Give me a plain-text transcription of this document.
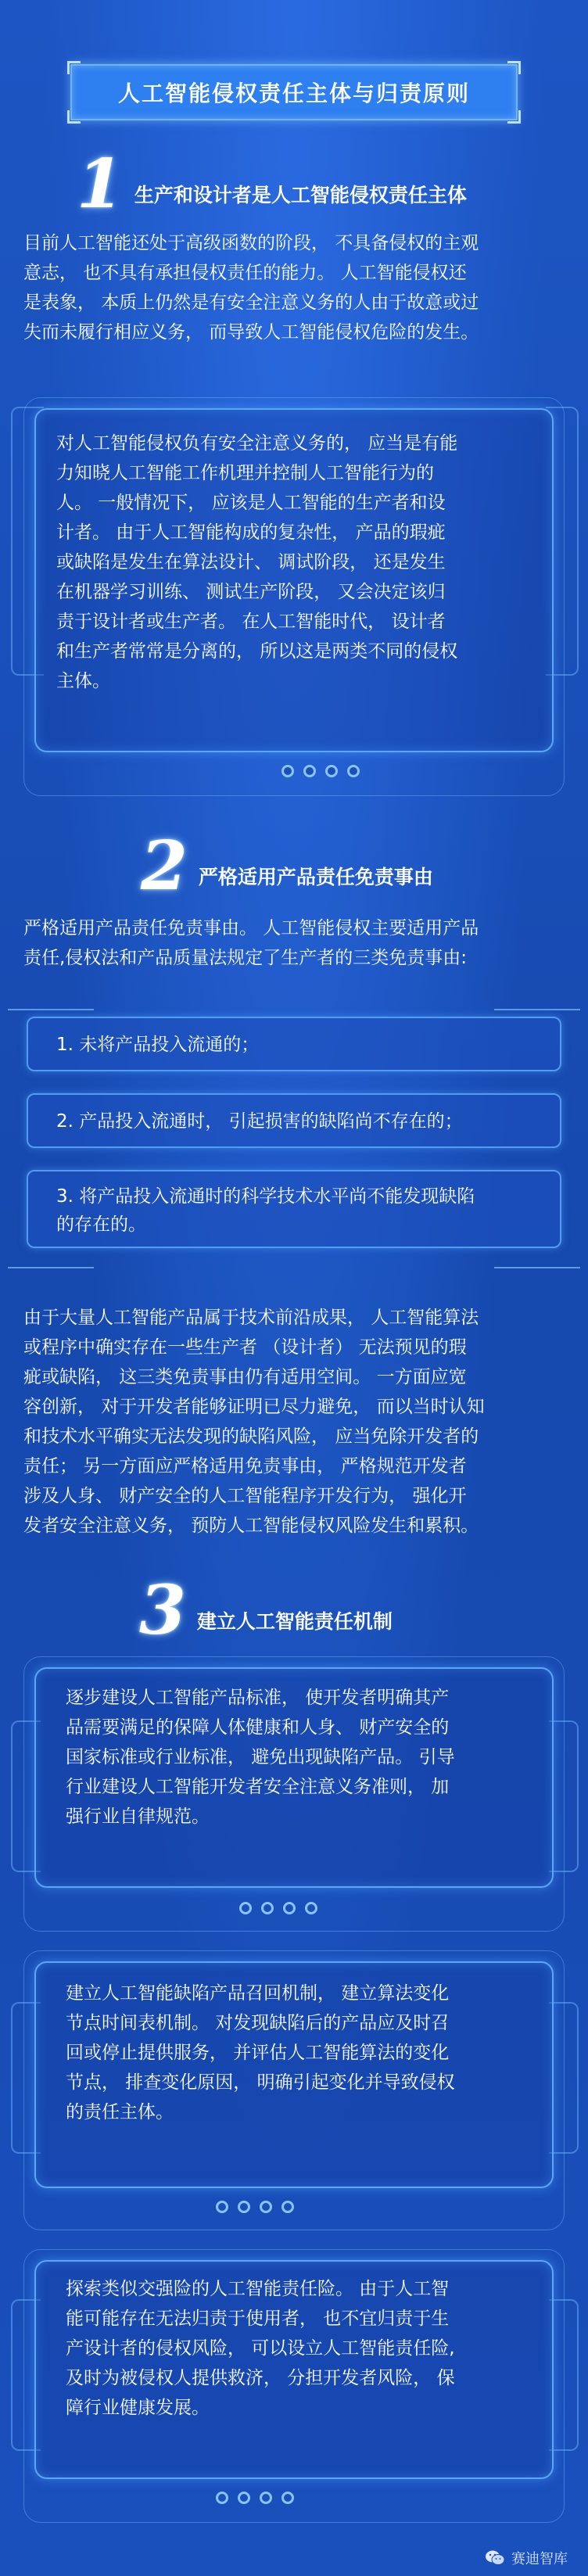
人工智能侵权责任主体与归责原则
1 生产和设计者是人工智能侵权责任主体
目前人工智能还处于高级函数的阶段， 不具备侵权的主观
意志， 也不具有承担侵权责任的能力。 人工智能侵权还
是表象， 本质上仍然是有安全注意义务的人由于故意或过
失而未履行相应义务， 而导致人工智能侵权危险的发生。
对人工智能侵权负有安全注意义务的， 应当是有能
力知晓人工智能工作机理并控制人工智能行为的
人。 一般情况下， 应该是人工智能的生产者和设
计者。 由于人工智能构成的复杂性， 产品的瑕疵
或缺陷是发生在算法设计、 调试阶段， 还是发生
在机器学习训练、 测试生产阶段， 又会决定该归
责于设计者或生产者。 在人工智能时代， 设计者
和生产者常常是分离的， 所以这是两类不同的侵权
主体。
2 严格适用产品责任免责事由
严格适用产品责任免责事由。 人工智能侵权主要适用产品
责任,侵权法和产品质量法规定了生产者的三类免责事由:
1. 未将产品投入流通的；
2. 产品投入流通时， 引起损害的缺陷尚不存在的；
3. 将产品投入流通时的科学技术水平尚不能发现缺陷
的存在的。
由于大量人工智能产品属于技术前沿成果， 人工智能算法
或程序中确实存在一些生产者 （设计者） 无法预见的瑕
疵或缺陷， 这三类免责事由仍有适用空间。 一方面应宽
容创新， 对于开发者能够证明已尽力避免， 而以当时认知
和技术水平确实无法发现的缺陷风险， 应当免除开发者的
责任； 另一方面应严格适用免责事由， 严格规范开发者
涉及人身、 财产安全的人工智能程序开发行为， 强化开
发者安全注意义务， 预防人工智能侵权风险发生和累积。
3 建立人工智能责任机制
逐步建设人工智能产品标准， 使开发者明确其产
品需要满足的保障人体健康和人身、 财产安全的
国家标准或行业标准， 避免出现缺陷产品。 引导
行业建设人工智能开发者安全注意义务准则， 加
强行业自律规范。
建立人工智能缺陷产品召回机制， 建立算法变化
节点时间表机制。 对发现缺陷后的产品应及时召
回或停止提供服务， 并评估人工智能算法的变化
节点， 排查变化原因， 明确引起变化并导致侵权
的责任主体。
探索类似交强险的人工智能责任险。 由于人工智
能可能存在无法归责于使用者， 也不宜归责于生
产设计者的侵权风险， 可以设立人工智能责任险,
及时为被侵权人提供救济， 分担开发者风险， 保
障行业健康发展。
赛迪智库
